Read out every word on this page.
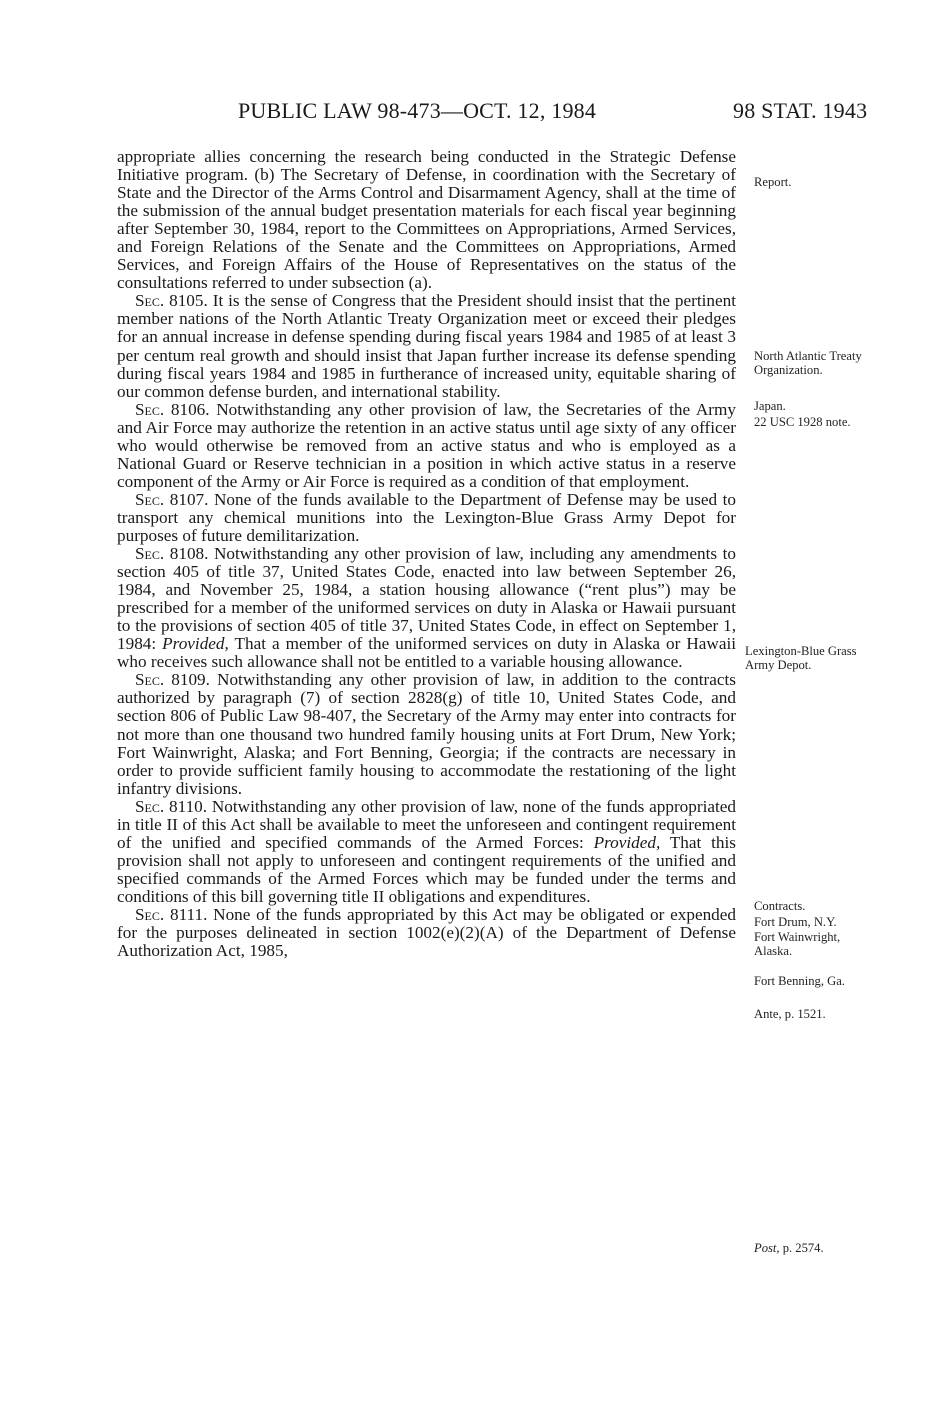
PUBLIC LAW 98-473—OCT. 12, 1984	98 STAT. 1943

appropriate allies concerning the research being conducted in the Strategic Defense Initiative program. (b) The Secretary of Defense, in coordination with the Secretary of State and the Director of the Arms Control and Disarmament Agency, shall at the time of the submission of the annual budget presentation materials for each fiscal year beginning after September 30, 1984, report to the Committees on Appropriations, Armed Services, and Foreign Relations of the Senate and the Committees on Appropriations, Armed Services, and Foreign Affairs of the House of Representatives on the status of the consultations referred to under subsection (a).

Sec. 8105. It is the sense of Congress that the President should insist that the pertinent member nations of the North Atlantic Treaty Organization meet or exceed their pledges for an annual increase in defense spending during fiscal years 1984 and 1985 of at least 3 per centum real growth and should insist that Japan further increase its defense spending during fiscal years 1984 and 1985 in furtherance of increased unity, equitable sharing of our common defense burden, and international stability.

Sec. 8106. Notwithstanding any other provision of law, the Secretaries of the Army and Air Force may authorize the retention in an active status until age sixty of any officer who would otherwise be removed from an active status and who is employed as a National Guard or Reserve technician in a position in which active status in a reserve component of the Army or Air Force is required as a condition of that employment.

Sec. 8107. None of the funds available to the Department of Defense may be used to transport any chemical munitions into the Lexington-Blue Grass Army Depot for purposes of future demilitarization.

Sec. 8108. Notwithstanding any other provision of law, including any amendments to section 405 of title 37, United States Code, enacted into law between September 26, 1984, and November 25, 1984, a station housing allowance (“rent plus”) may be prescribed for a member of the uniformed services on duty in Alaska or Hawaii pursuant to the provisions of section 405 of title 37, United States Code, in effect on September 1, 1984: Provided, That a member of the uniformed services on duty in Alaska or Hawaii who receives such allowance shall not be entitled to a variable housing allowance.

Sec. 8109. Notwithstanding any other provision of law, in addition to the contracts authorized by paragraph (7) of section 2828(g) of title 10, United States Code, and section 806 of Public Law 98-407, the Secretary of the Army may enter into contracts for not more than one thousand two hundred family housing units at Fort Drum, New York; Fort Wainwright, Alaska; and Fort Benning, Georgia; if the contracts are necessary in order to provide sufficient family housing to accommodate the restationing of the light infantry divisions.

Sec. 8110. Notwithstanding any other provision of law, none of the funds appropriated in title II of this Act shall be available to meet the unforeseen and contingent requirement of the unified and specified commands of the Armed Forces: Provided, That this provision shall not apply to unforeseen and contingent requirements of the unified and specified commands of the Armed Forces which may be funded under the terms and conditions of this bill governing title II obligations and expenditures.

Sec. 8111. None of the funds appropriated by this Act may be obligated or expended for the purposes delineated in section 1002(e)(2)(A) of the Department of Defense Authorization Act, 1985,

Report.
North Atlantic Treaty Organization.
Japan.
22 USC 1928 note.
Lexington-Blue Grass Army Depot.
Contracts.
Fort Drum, N.Y.
Fort Wainwright, Alaska.
Fort Benning, Ga.
Ante, p. 1521.
Post, p. 2574.
